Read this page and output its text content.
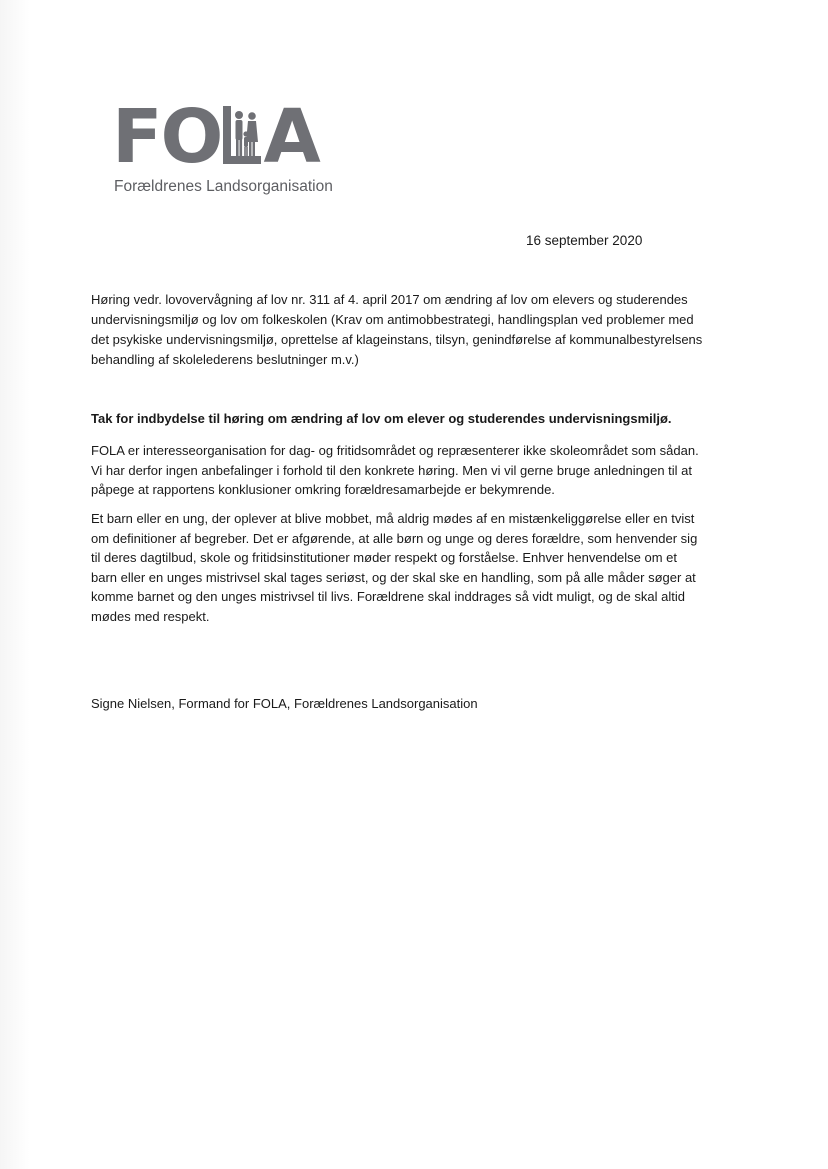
FO A
Forældrenes Landsorganisation
16 september 2020
Høring vedr. lovovervågning af lov nr. 311 af 4. april 2017 om ændring af lov om elevers og studerendes
undervisningsmiljø og lov om folkeskolen (Krav om antimobbestrategi, handlingsplan ved problemer med
det psykiske undervisningsmiljø, oprettelse af klageinstans, tilsyn, genindførelse af kommunalbestyrelsens
behandling af skolelederens beslutninger m.v.)
Tak for indbydelse til høring om ændring af lov om elever og studerendes undervisningsmiljø.
FOLA er interesseorganisation for dag- og fritidsområdet og repræsenterer ikke skoleområdet som sådan.
Vi har derfor ingen anbefalinger i forhold til den konkrete høring. Men vi vil gerne bruge anledningen til at
påpege at rapportens konklusioner omkring forældresamarbejde er bekymrende.
Et barn eller en ung, der oplever at blive mobbet, må aldrig mødes af en mistænkeliggørelse eller en tvist
om definitioner af begreber. Det er afgørende, at alle børn og unge og deres forældre, som henvender sig
til deres dagtilbud, skole og fritidsinstitutioner møder respekt og forståelse. Enhver henvendelse om et
barn eller en unges mistrivsel skal tages seriøst, og der skal ske en handling, som på alle måder søger at
komme barnet og den unges mistrivsel til livs. Forældrene skal inddrages så vidt muligt, og de skal altid
mødes med respekt.
Signe Nielsen, Formand for FOLA, Forældrenes Landsorganisation
